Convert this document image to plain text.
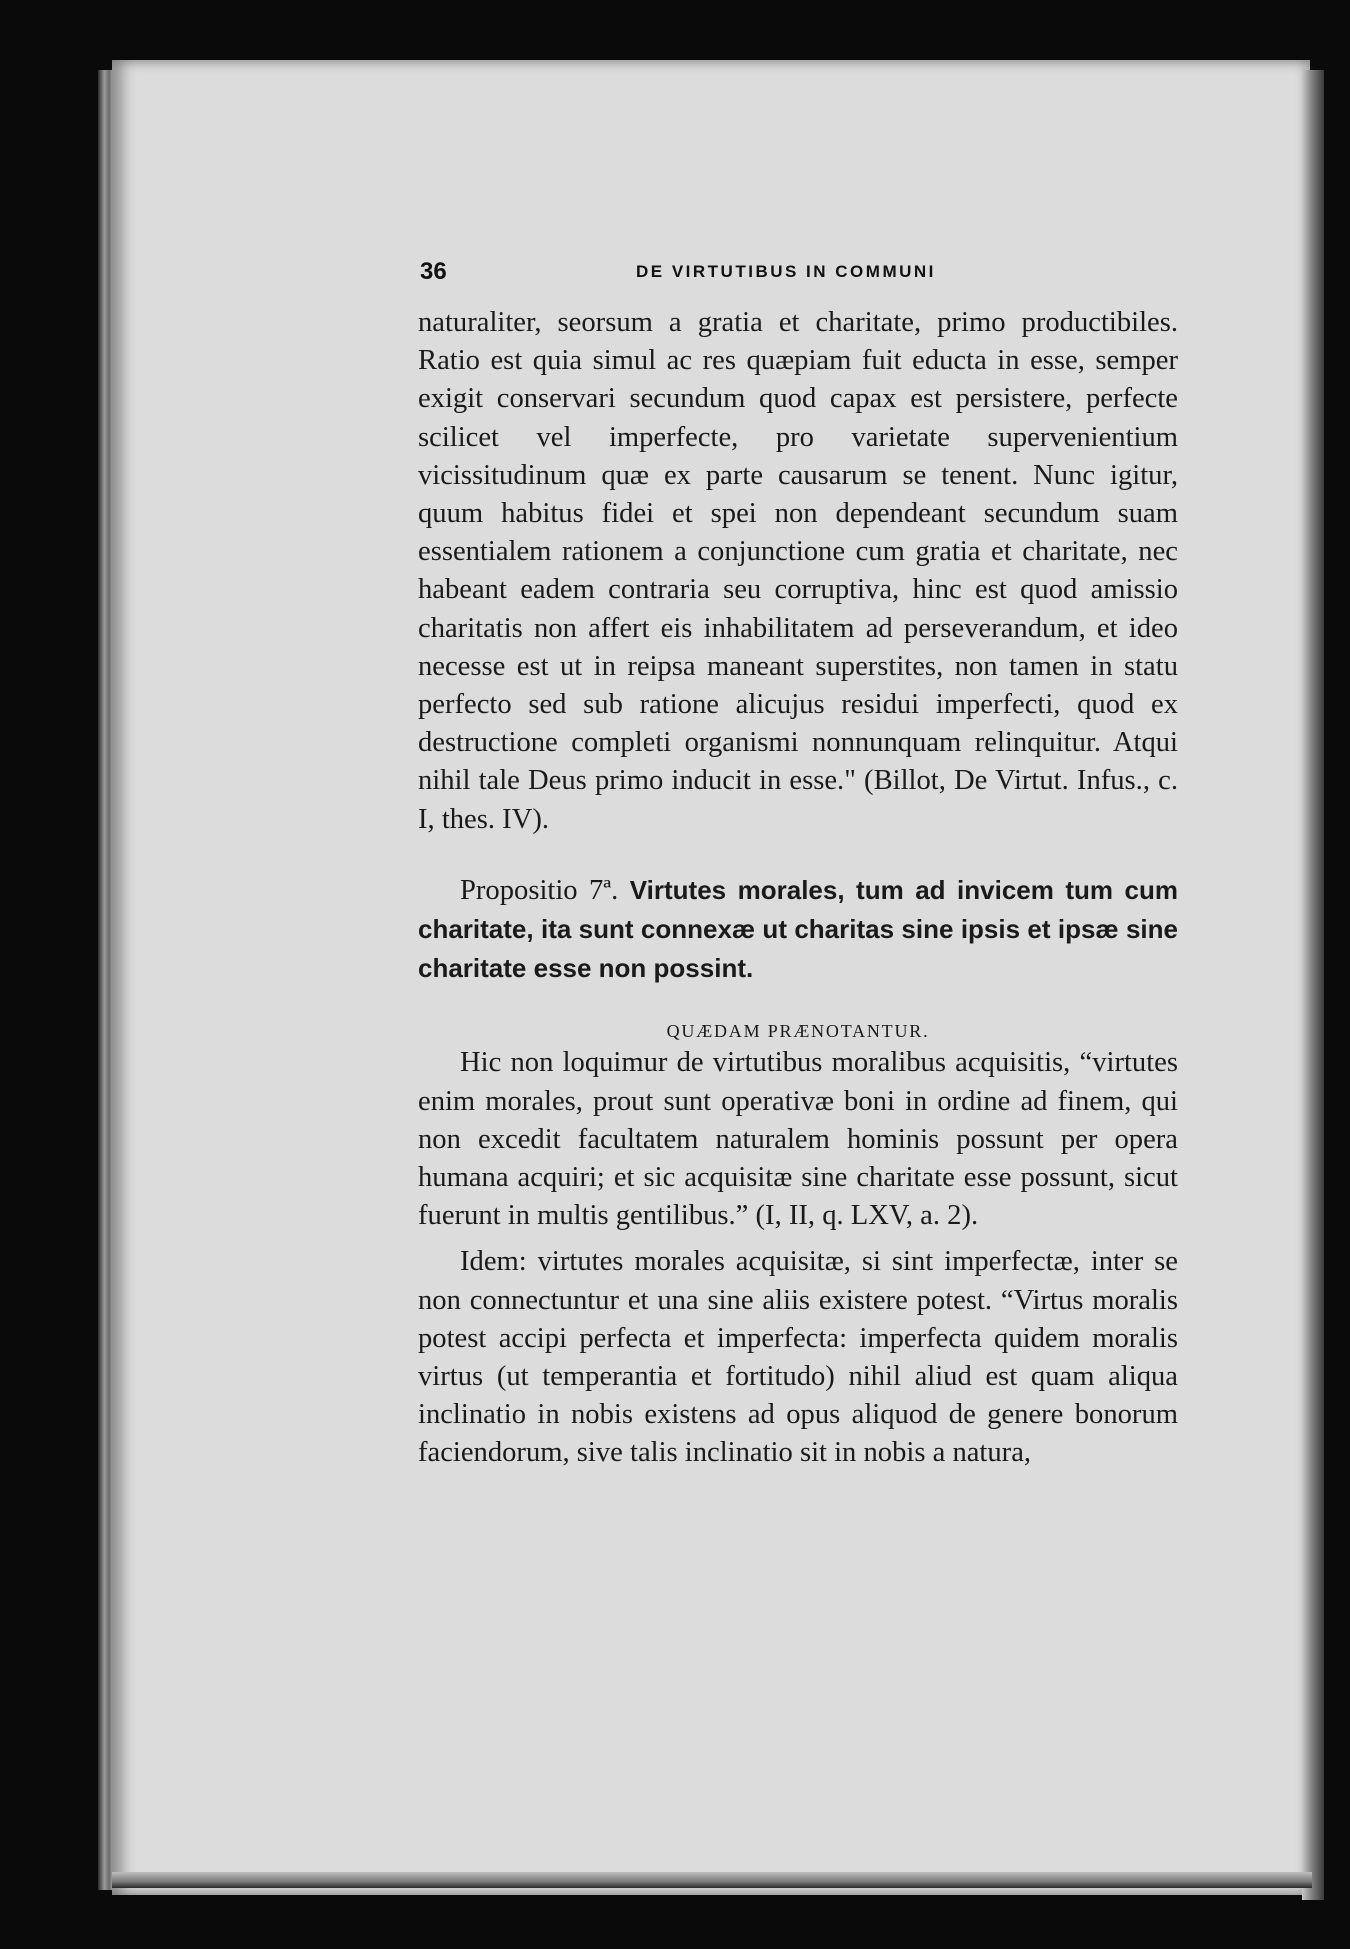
36	DE VIRTUTIBUS IN COMMUNI

naturaliter, seorsum a gratia et charitate, primo productibiles. Ratio est quia simul ac res quæpiam fuit educta in esse, semper exigit conservari secundum quod capax est persistere, perfecte scilicet vel imperfecte, pro varietate supervenientium vicissitudinum quæ ex parte causarum se tenent. Nunc igitur, quum habitus fidei et spei non dependeant secundum suam essentialem rationem a conjunctione cum gratia et charitate, nec habeant eadem contraria seu corruptiva, hinc est quod amissio charitatis non affert eis inhabilitatem ad perseverandum, et ideo necesse est ut in reipsa maneant superstites, non tamen in statu perfecto sed sub ratione alicujus residui imperfecti, quod ex destructione completi organismi nonnunquam relinquitur. Atqui nihil tale Deus primo inducit in esse." (Billot, De Virtut. Infus., c. I, thes. IV).

Propositio 7ª. Virtutes morales, tum ad invicem tum cum charitate, ita sunt connexæ ut charitas sine ipsis et ipsæ sine charitate esse non possint.

QUÆDAM PRÆNOTANTUR.

Hic non loquimur de virtutibus moralibus acquisitis, “virtutes enim morales, prout sunt operativæ boni in ordine ad finem, qui non excedit facultatem naturalem hominis possunt per opera humana acquiri; et sic acquisitæ sine charitate esse possunt, sicut fuerunt in multis gentilibus.” (I, II, q. LXV, a. 2).

Idem: virtutes morales acquisitæ, si sint imperfectæ, inter se non connectuntur et una sine aliis existere potest. “Virtus moralis potest accipi perfecta et imperfecta: imperfecta quidem moralis virtus (ut temperantia et fortitudo) nihil aliud est quam aliqua inclinatio in nobis existens ad opus aliquod de genere bonorum faciendorum, sive talis inclinatio sit in nobis a natura,
